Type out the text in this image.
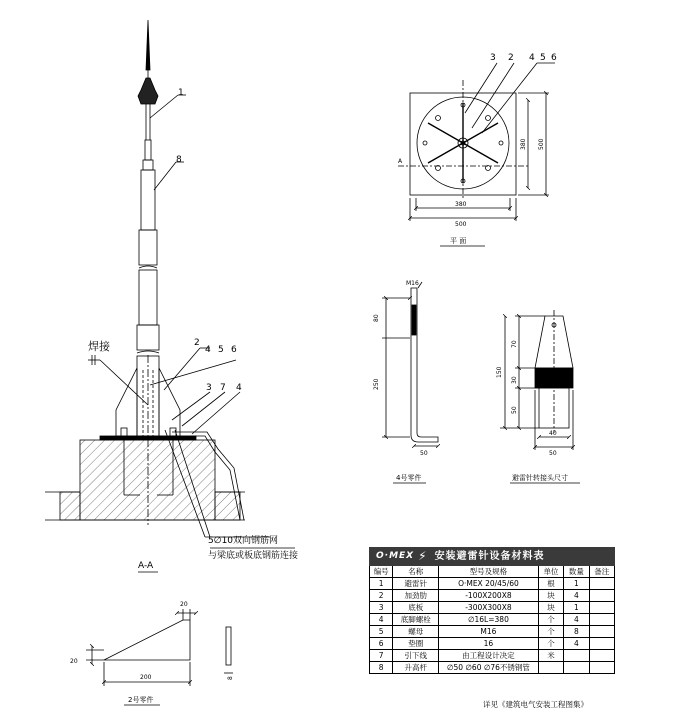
1
8
2
4 5 6
3 7 4
焊接
5∅10双向钢筋网
与梁底或板底钢筋连接
A-A
3 2 4 5 6
380
500
380 500
A
平 面
M16
80
250
50
4号零件
150
70
30
50
40
50
避雷针转接头尺寸
20
20
200	8
2号零件
O·MEX ⚡ 安装避雷针设备材料表					

编号	名称	型号及规格	单位	数量	备注
1	避雷针	O·MEX 20/45/60	根	1	
2	加劲肋	-100X200X8	块	4	
3	底板	-300X300X8	块	1	
4	底脚螺栓	∅16L=380	个	4	
5	螺母	M16	个	8	
6	垫圈	16	个	4	
7	引下线	由工程设计决定	米		
8	升高杆	∅50 ∅60 ∅76不锈钢管			
详见《建筑电气安装工程图集》
